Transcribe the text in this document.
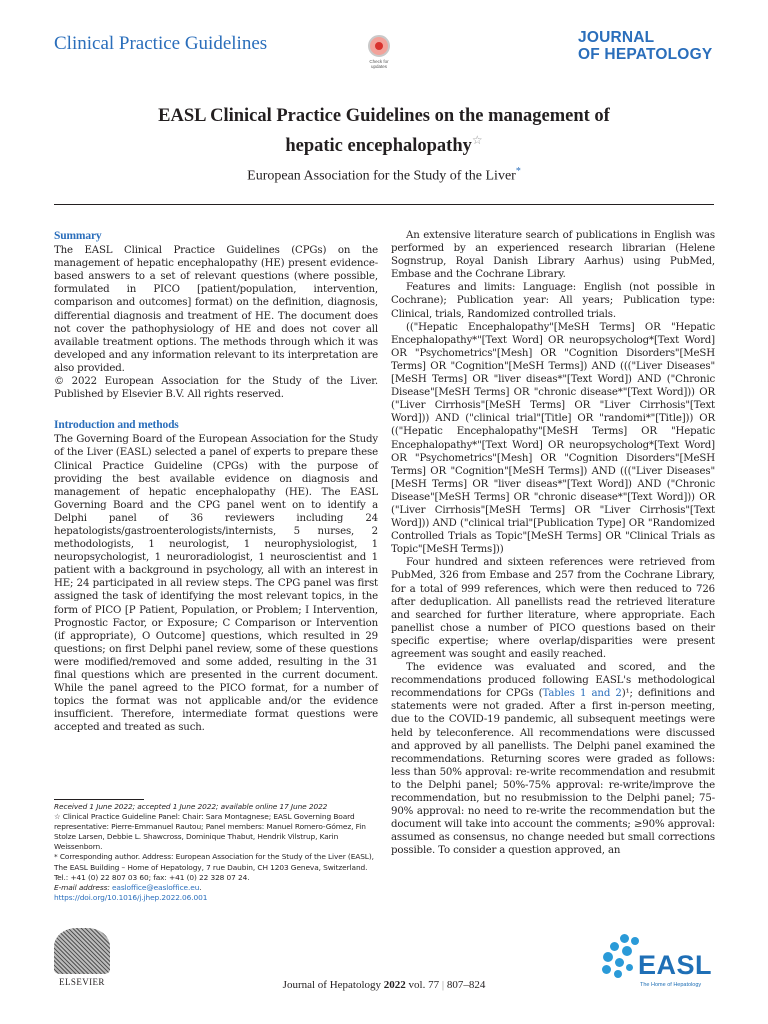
Clinical Practice Guidelines
Check for updates
JOURNAL
OF HEPATOLOGY
EASL Clinical Practice Guidelines on the management of
hepatic encephalopathy☆
European Association for the Study of the Liver*
Summary

The EASL Clinical Practice Guidelines (CPGs) on the management of hepatic encephalopathy (HE) present evidence-based answers to a set of relevant questions (where possible, formulated in PICO [patient/population, intervention, comparison and outcomes] format) on the definition, diagnosis, differential diagnosis and treatment of HE. The document does not cover the pathophysiology of HE and does not cover all available treatment options. The methods through which it was developed and any information relevant to its interpretation are also provided.

© 2022 European Association for the Study of the Liver. Published by Elsevier B.V. All rights reserved.

Introduction and methods

The Governing Board of the European Association for the Study of the Liver (EASL) selected a panel of experts to prepare these Clinical Practice Guideline (CPGs) with the purpose of providing the best available evidence on diagnosis and management of hepatic encephalopathy (HE). The EASL Governing Board and the CPG panel went on to identify a Delphi panel of 36 reviewers including 24 hepatologists/gastroenterologists/internists, 5 nurses, 2 methodologists, 1 neurologist, 1 neurophysiologist, 1 neuropsychologist, 1 neuroradiologist, 1 neuroscientist and 1 patient with a background in psychology, all with an interest in HE; 24 participated in all review steps. The CPG panel was first assigned the task of identifying the most relevant topics, in the form of PICO [P Patient, Population, or Problem; I Intervention, Prognostic Factor, or Exposure; C Comparison or Intervention (if appropriate), O Outcome] questions, which resulted in 29 questions; on first Delphi panel review, some of these questions were modified/removed and some added, resulting in the 31 final questions which are presented in the current document. While the panel agreed to the PICO format, for a number of topics the format was not applicable and/or the evidence insufficient. Therefore, intermediate format questions were accepted and treated as such.

An extensive literature search of publications in English was performed by an experienced research librarian (Helene Sognstrup, Royal Danish Library Aarhus) using PubMed, Embase and the Cochrane Library.

Features and limits: Language: English (not possible in Cochrane); Publication year: All years; Publication type: Clinical, trials, Randomized controlled trials.

(("Hepatic Encephalopathy"[MeSH Terms] OR "Hepatic Encephalopathy*"[Text Word] OR neuropsycholog*[Text Word] OR "Psychometrics"[Mesh] OR "Cognition Disorders"[MeSH Terms] OR "Cognition"[MeSH Terms]) AND ((("Liver Diseases"[MeSH Terms] OR "liver diseas*"[Text Word]) AND ("Chronic Disease"[MeSH Terms] OR "chronic disease*"[Text Word])) OR ("Liver Cirrhosis"[MeSH Terms] OR "Liver Cirrhosis"[Text Word])) AND ("clinical trial"[Title] OR "randomi*"[Title])) OR (("Hepatic Encephalopathy"[MeSH Terms] OR "Hepatic Encephalopathy*"[Text Word] OR neuropsycholog*[Text Word] OR "Psychometrics"[Mesh] OR "Cognition Disorders"[MeSH Terms] OR "Cognition"[MeSH Terms]) AND ((("Liver Diseases"[MeSH Terms] OR "liver diseas*"[Text Word]) AND ("Chronic Disease"[MeSH Terms] OR "chronic disease*"[Text Word])) OR ("Liver Cirrhosis"[MeSH Terms] OR "Liver Cirrhosis"[Text Word])) AND ("clinical trial"[Publication Type] OR "Randomized Controlled Trials as Topic"[MeSH Terms] OR "Clinical Trials as Topic"[MeSH Terms]))

Four hundred and sixteen references were retrieved from PubMed, 326 from Embase and 257 from the Cochrane Library, for a total of 999 references, which were then reduced to 726 after deduplication. All panellists read the retrieved literature and searched for further literature, where appropriate. Each panellist chose a number of PICO questions based on their specific expertise; where overlap/disparities were present agreement was sought and easily reached.

The evidence was evaluated and scored, and the recommendations produced following EASL's methodological recommendations for CPGs (Tables 1 and 2)¹; definitions and statements were not graded. After a first in-person meeting, due to the COVID-19 pandemic, all subsequent meetings were held by teleconference. All recommendations were discussed and approved by all panellists. The Delphi panel examined the recommendations. Returning scores were graded as follows: less than 50% approval: re-write recommendation and resubmit to the Delphi panel; 50%-75% approval: re-write/improve the recommendation, but no resubmission to the Delphi panel; 75-90% approval: no need to re-write the recommendation but the document will take into account the comments; ≥90% approval: assumed as consensus, no change needed but small corrections possible. To consider a question approved, an

Received 1 June 2022; accepted 1 June 2022; available online 17 June 2022

☆ Clinical Practice Guideline Panel: Chair: Sara Montagnese; EASL Governing Board representative: Pierre-Emmanuel Rautou; Panel members: Manuel Romero-Gómez, Fin Stolze Larsen, Debbie L. Shawcross, Dominique Thabut, Hendrik Vilstrup, Karin Weissenborn.

* Corresponding author. Address: European Association for the Study of the Liver (EASL), The EASL Building – Home of Hepatology, 7 rue Daubin, CH 1203 Geneva, Switzerland. Tel.: +41 (0) 22 807 03 60; fax: +41 (0) 22 328 07 24.

E-mail address: easloffice@easloffice.eu.

https://doi.org/10.1016/j.jhep.2022.06.001

ELSEVIER	Journal of Hepatology 2022 vol. 77 | 807–824
EASL
The Home of Hepatology
